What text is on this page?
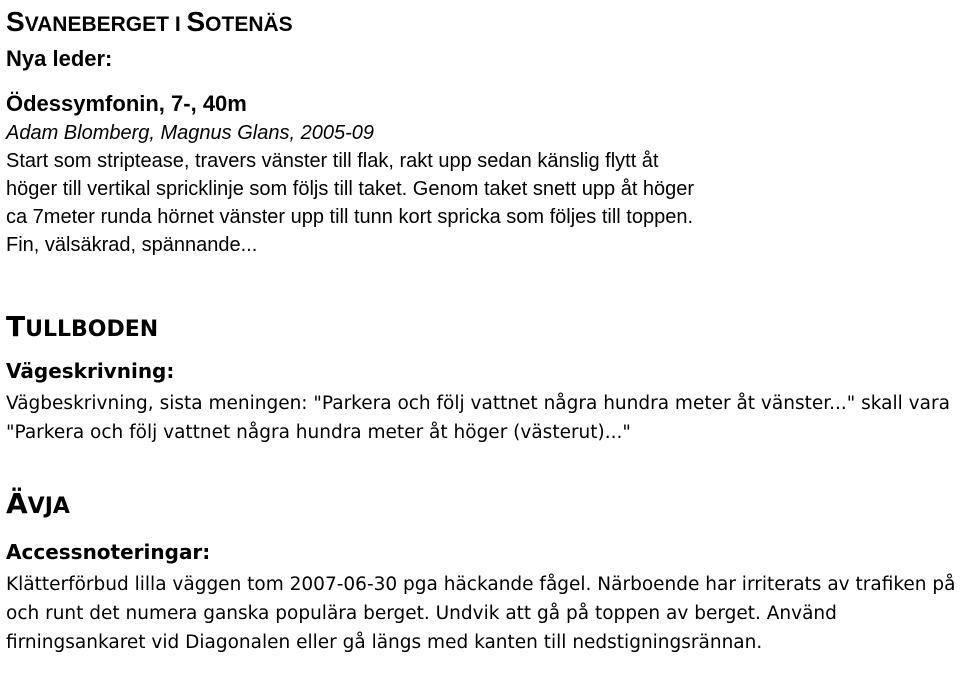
SVANEBERGET I SOTENÄS
Nya leder:
Ödessymfonin, 7-, 40m
Adam Blomberg, Magnus Glans, 2005-09

Start som striptease, travers vänster till flak, rakt upp sedan känslig flytt åt höger till vertikal spricklinje som följs till taket. Genom taket snett upp åt höger ca 7meter runda hörnet vänster upp till tunn kort spricka som följes till toppen. Fin, välsäkrad, spännande...

TULLBODEN
Vägeskrivning:

Vägbeskrivning, sista meningen: "Parkera och följ vattnet några hundra meter åt vänster..." skall vara "Parkera och följ vattnet några hundra meter åt höger (västerut)..."

ÄVJA
Accessnoteringar:

Klätterförbud lilla väggen tom 2007-06-30 pga häckande fågel. Närboende har irriterats av trafiken på och runt det numera ganska populära berget. Undvik att gå på toppen av berget. Använd firningsankaret vid Diagonalen eller gå längs med kanten till nedstigningsrännan.
